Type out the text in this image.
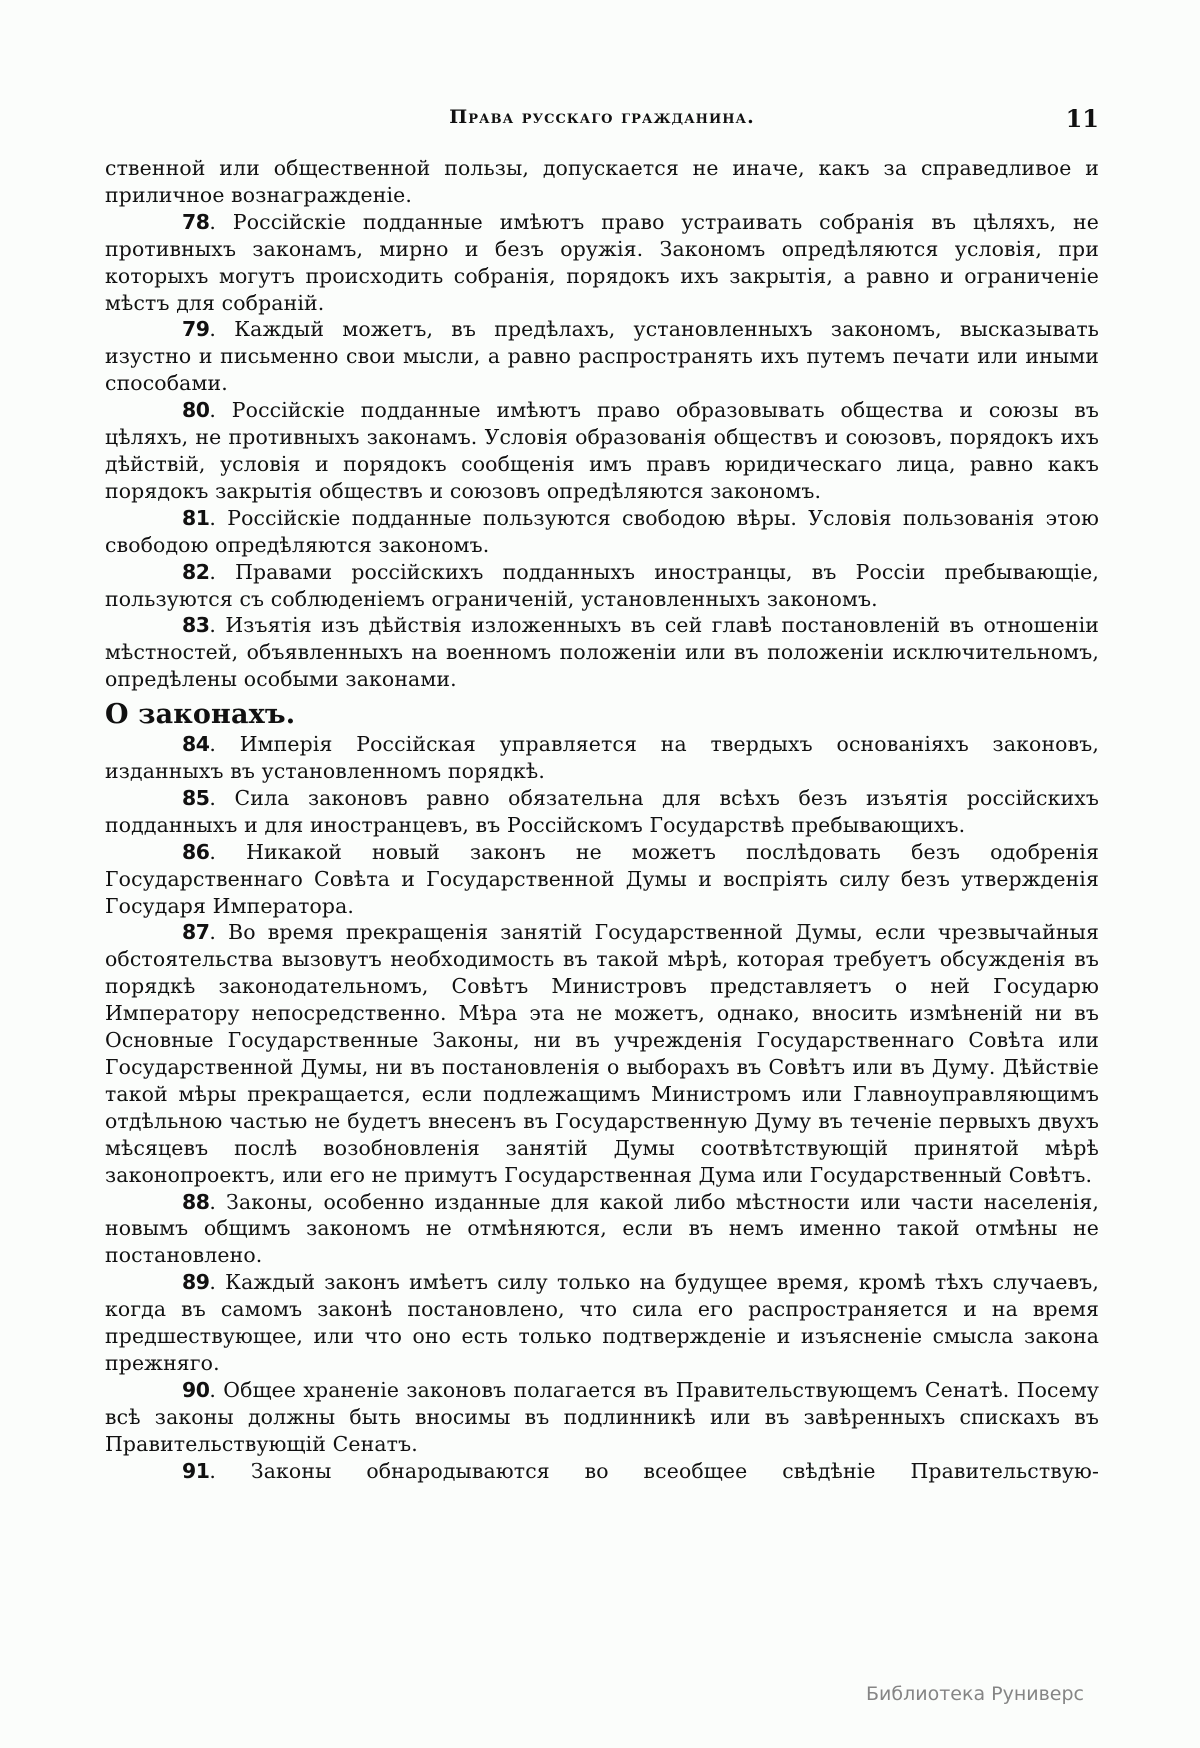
Права русскаго гражданина.	11

ственной или общественной пользы, допускается не иначе, какъ за справедливое и приличное вознагражденіе.

78. Россійскіе подданные имѣютъ право устраивать собранія въ цѣляхъ, не противныхъ законамъ, мирно и безъ оружія. Закономъ опредѣляются условія, при которыхъ могутъ происходить собранія, порядокъ ихъ закрытія, а равно и ограниченіе мѣстъ для собраній.

79. Каждый можетъ, въ предѣлахъ, установленныхъ закономъ, высказывать изустно и письменно свои мысли, а равно распространять ихъ путемъ печати или иными способами.

80. Россійскіе подданные имѣютъ право образовывать общества и союзы въ цѣляхъ, не противныхъ законамъ. Условія образованія обществъ и союзовъ, порядокъ ихъ дѣйствій, условія и порядокъ сообщенія имъ правъ юридическаго лица, равно какъ порядокъ закрытія обществъ и союзовъ опредѣляются закономъ.

81. Россійскіе подданные пользуются свободою вѣры. Условія пользованія этою свободою опредѣляются закономъ.

82. Правами россійскихъ подданныхъ иностранцы, въ Россіи пребывающіе, пользуются съ соблюденіемъ ограниченій, установленныхъ закономъ.

83. Изъятія изъ дѣйствія изложенныхъ въ сей главѣ постановленій въ отношеніи мѣстностей, объявленныхъ на военномъ положеніи или въ положеніи исключительномъ, опредѣлены особыми законами.

О законахъ.

84. Имперія Россійская управляется на твердыхъ основаніяхъ законовъ, изданныхъ въ установленномъ порядкѣ.

85. Сила законовъ равно обязательна для всѣхъ безъ изъятія россійскихъ подданныхъ и для иностранцевъ, въ Россійскомъ Государствѣ пребывающихъ.

86. Никакой новый законъ не можетъ послѣдовать безъ одобренія Государственнаго Совѣта и Государственной Думы и воспріять силу безъ утвержденія Государя Императора.

87. Во время прекращенія занятій Государственной Думы, если чрезвычайныя обстоятельства вызовутъ необходимость въ такой мѣрѣ, которая требуетъ обсужденія въ порядкѣ законодательномъ, Совѣтъ Министровъ представляетъ о ней Государю Императору непосредственно. Мѣра эта не можетъ, однако, вносить измѣненій ни въ Основные Государственные Законы, ни въ учрежденія Государственнаго Совѣта или Государственной Думы, ни въ постановленія о выборахъ въ Совѣтъ или въ Думу. Дѣйствіе такой мѣры прекращается, если подлежащимъ Министромъ или Главноуправляющимъ отдѣльною частью не будетъ внесенъ въ Государственную Думу въ теченіе первыхъ двухъ мѣсяцевъ послѣ возобновленія занятій Думы соотвѣтствующій принятой мѣрѣ законопроектъ, или его не примутъ Государственная Дума или Государственный Совѣтъ.

88. Законы, особенно изданные для какой либо мѣстности или части населенія, новымъ общимъ закономъ не отмѣняются, если въ немъ именно такой отмѣны не постановлено.

89. Каждый законъ имѣетъ силу только на будущее время, кромѣ тѣхъ случаевъ, когда въ самомъ законѣ постановлено, что сила его распространяется и на время предшествующее, или что оно есть только подтвержденіе и изъясненіе смысла закона прежняго.

90. Общее храненіе законовъ полагается въ Правительствующемъ Сенатѣ. Посему всѣ законы должны быть вносимы въ подлинникѣ или въ завѣренныхъ спискахъ въ Правительствующій Сенатъ.

91. Законы обнародываются во всеобщее свѣдѣніе Правительствую-

Библиотека Руниверс
